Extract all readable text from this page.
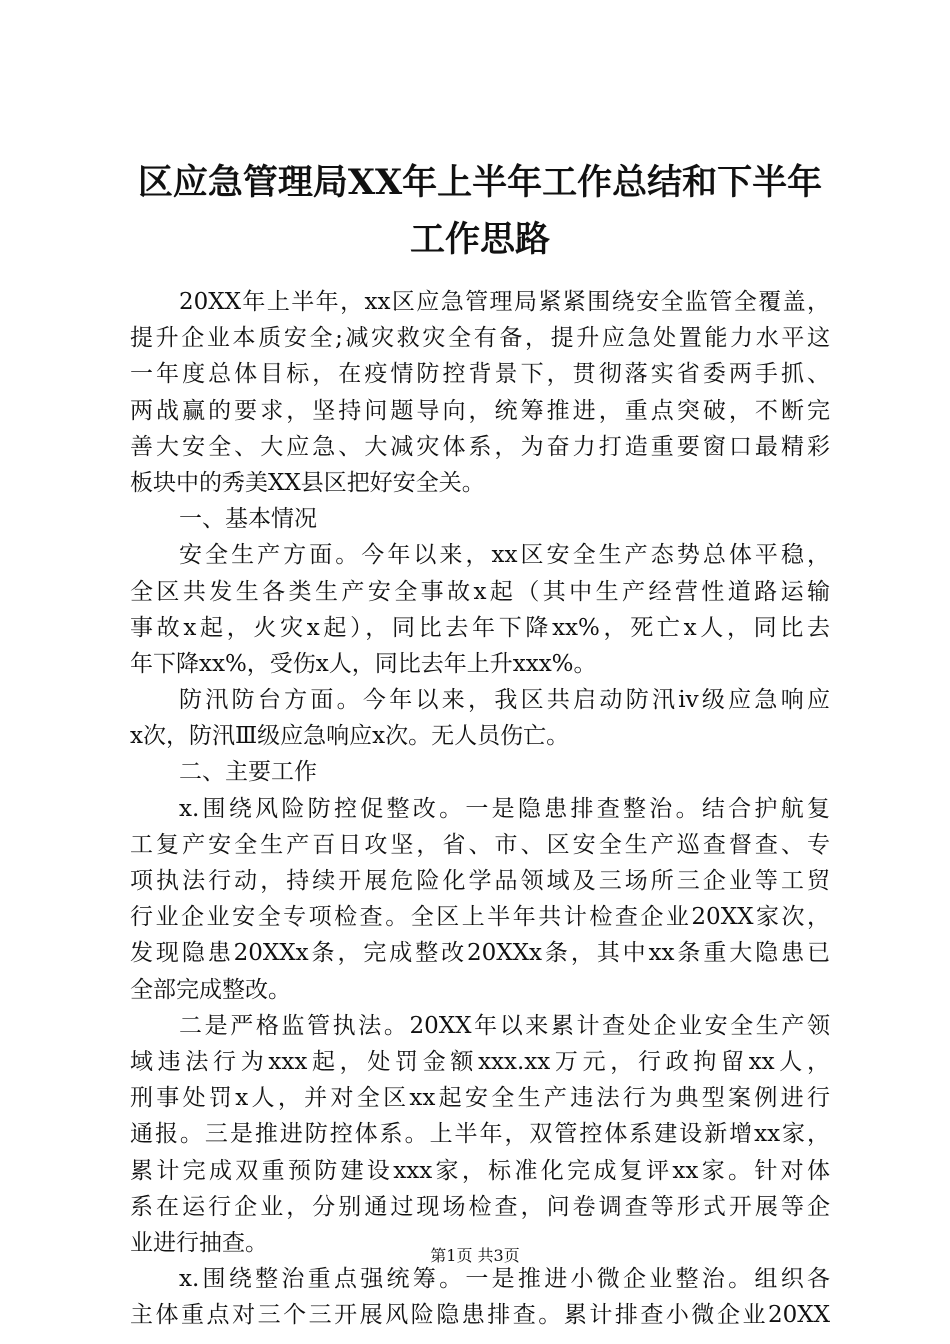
区应急管理局XX年上半年工作总结和下半年
工作思路
20XX年上半年，xx区应急管理局紧紧围绕安全监管全覆盖，
提升企业本质安全;减灾救灾全有备，提升应急处置能力水平这
一年度总体目标，在疫情防控背景下，贯彻落实省委两手抓、
两战赢的要求，坚持问题导向，统筹推进，重点突破，不断完
善大安全、大应急、大减灾体系，为奋力打造重要窗口最精彩
板块中的秀美XX县区把好安全关。
一、基本情况
安全生产方面。今年以来，xx区安全生产态势总体平稳，
全区共发生各类生产安全事故x起（其中生产经营性道路运输
事故x起，火灾x起），同比去年下降xx%，死亡x人，同比去
年下降xx%，受伤x人，同比去年上升xxx%。
防汛防台方面。今年以来，我区共启动防汛iv级应急响应
x次，防汛Ⅲ级应急响应x次。无人员伤亡。
二、主要工作
x.围绕风险防控促整改。一是隐患排查整治。结合护航复
工复产安全生产百日攻坚，省、市、区安全生产巡查督查、专
项执法行动，持续开展危险化学品领域及三场所三企业等工贸
行业企业安全专项检查。全区上半年共计检查企业20XX家次，
发现隐患20XXx条，完成整改20XXx条，其中xx条重大隐患已
全部完成整改。
二是严格监管执法。20XX年以来累计查处企业安全生产领
域违法行为xxx起，处罚金额xxx.xx万元，行政拘留xx人，
刑事处罚x人，并对全区xx起安全生产违法行为典型案例进行
通报。三是推进防控体系。上半年，双管控体系建设新增xx家，
累计完成双重预防建设xxx家，标准化完成复评xx家。针对体
系在运行企业，分别通过现场检查，问卷调查等形式开展等企
业进行抽查。
x.围绕整治重点强统筹。一是推进小微企业整治。组织各
主体重点对三个三开展风险隐患排查。累计排查小微企业20XX
第1页 共3页
